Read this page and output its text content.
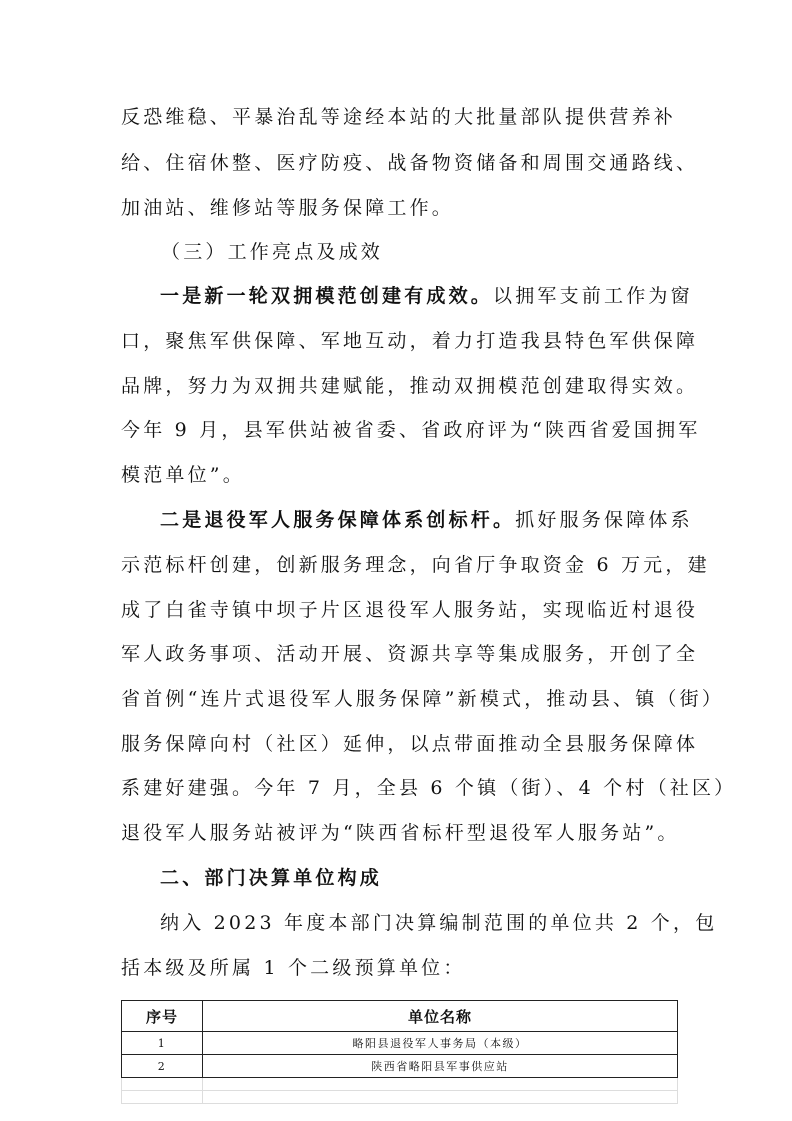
反恐维稳、平暴治乱等途经本站的大批量部队提供营养补
给、住宿休整、医疗防疫、战备物资储备和周围交通路线、
加油站、维修站等服务保障工作。
（三）工作亮点及成效
一是新一轮双拥模范创建有成效。以拥军支前工作为窗
口，聚焦军供保障、军地互动，着力打造我县特色军供保障
品牌，努力为双拥共建赋能，推动双拥模范创建取得实效。
今年 9 月，县军供站被省委、省政府评为“陕西省爱国拥军
模范单位”。
二是退役军人服务保障体系创标杆。抓好服务保障体系
示范标杆创建，创新服务理念，向省厅争取资金 6 万元，建
成了白雀寺镇中坝子片区退役军人服务站，实现临近村退役
军人政务事项、活动开展、资源共享等集成服务，开创了全
省首例“连片式退役军人服务保障”新模式，推动县、镇（街）
服务保障向村（社区）延伸，以点带面推动全县服务保障体
系建好建强。今年 7 月，全县 6 个镇（街）、4 个村（社区）
退役军人服务站被评为“陕西省标杆型退役军人服务站”。
二、部门决算单位构成
纳入 2023 年度本部门决算编制范围的单位共 2 个，包
括本级及所属 1 个二级预算单位：
序号	单位名称
1	略阳县退役军人事务局（本级）
2	陕西省略阳县军事供应站
